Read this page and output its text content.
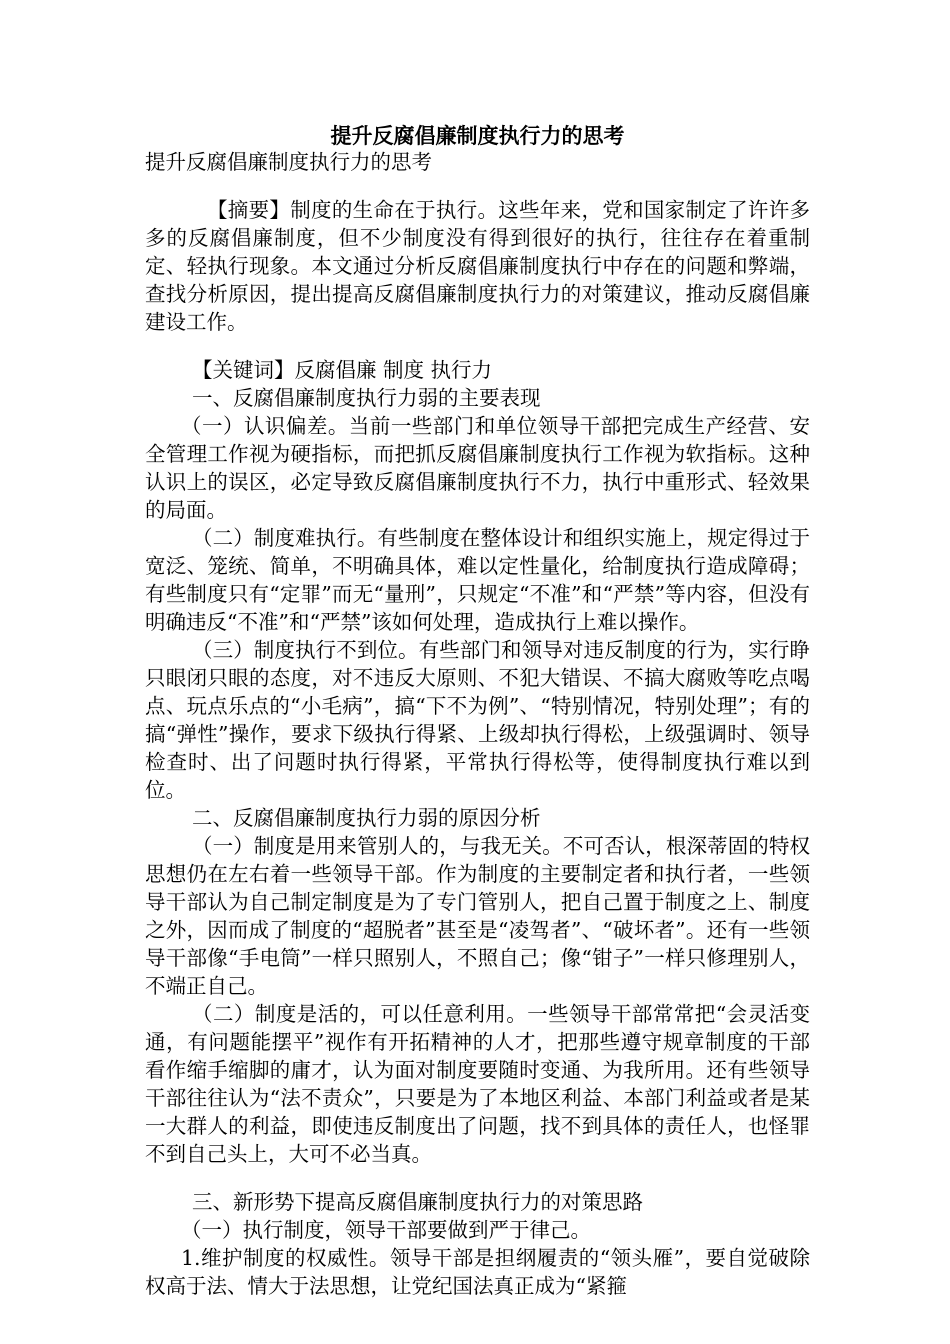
提升反腐倡廉制度执行力的思考

提升反腐倡廉制度执行力的思考

【摘要】制度的生命在于执行。这些年来，党和国家制定了许许多多的反腐倡廉制度，但不少制度没有得到很好的执行，往往存在着重制定、轻执行现象。本文通过分析反腐倡廉制度执行中存在的问题和弊端，查找分析原因，提出提高反腐倡廉制度执行力的对策建议，推动反腐倡廉建设工作。

【关键词】反腐倡廉 制度 执行力

一、反腐倡廉制度执行力弱的主要表现

（一）认识偏差。当前一些部门和单位领导干部把完成生产经营、安全管理工作视为硬指标，而把抓反腐倡廉制度执行工作视为软指标。这种认识上的误区，必定导致反腐倡廉制度执行不力，执行中重形式、轻效果的局面。

（二）制度难执行。有些制度在整体设计和组织实施上，规定得过于宽泛、笼统、简单，不明确具体，难以定性量化，给制度执行造成障碍；有些制度只有“定罪”而无“量刑”，只规定“不准”和“严禁”等内容，但没有明确违反“不准”和“严禁”该如何处理，造成执行上难以操作。

（三）制度执行不到位。有些部门和领导对违反制度的行为，实行睁只眼闭只眼的态度，对不违反大原则、不犯大错误、不搞大腐败等吃点喝点、玩点乐点的“小毛病”，搞“下不为例”、“特别情况，特别处理”；有的搞“弹性”操作，要求下级执行得紧、上级却执行得松，上级强调时、领导检查时、出了问题时执行得紧，平常执行得松等，使得制度执行难以到位。

二、反腐倡廉制度执行力弱的原因分析

（一）制度是用来管别人的，与我无关。不可否认，根深蒂固的特权思想仍在左右着一些领导干部。作为制度的主要制定者和执行者，一些领导干部认为自己制定制度是为了专门管别人，把自己置于制度之上、制度之外，因而成了制度的“超脱者”甚至是“凌驾者”、“破坏者”。还有一些领导干部像“手电筒”一样只照别人，不照自己；像“钳子”一样只修理别人，不端正自己。

（二）制度是活的，可以任意利用。一些领导干部常常把“会灵活变通，有问题能摆平”视作有开拓精神的人才，把那些遵守规章制度的干部看作缩手缩脚的庸才，认为面对制度要随时变通、为我所用。还有些领导干部往往认为“法不责众”，只要是为了本地区利益、本部门利益或者是某一大群人的利益，即使违反制度出了问题，找不到具体的责任人，也怪罪不到自己头上，大可不必当真。

三、新形势下提高反腐倡廉制度执行力的对策思路

（一）执行制度，领导干部要做到严于律己。

1.维护制度的权威性。领导干部是担纲履责的“领头雁”，要自觉破除权高于法、情大于法思想，让党纪国法真正成为“紧箍
